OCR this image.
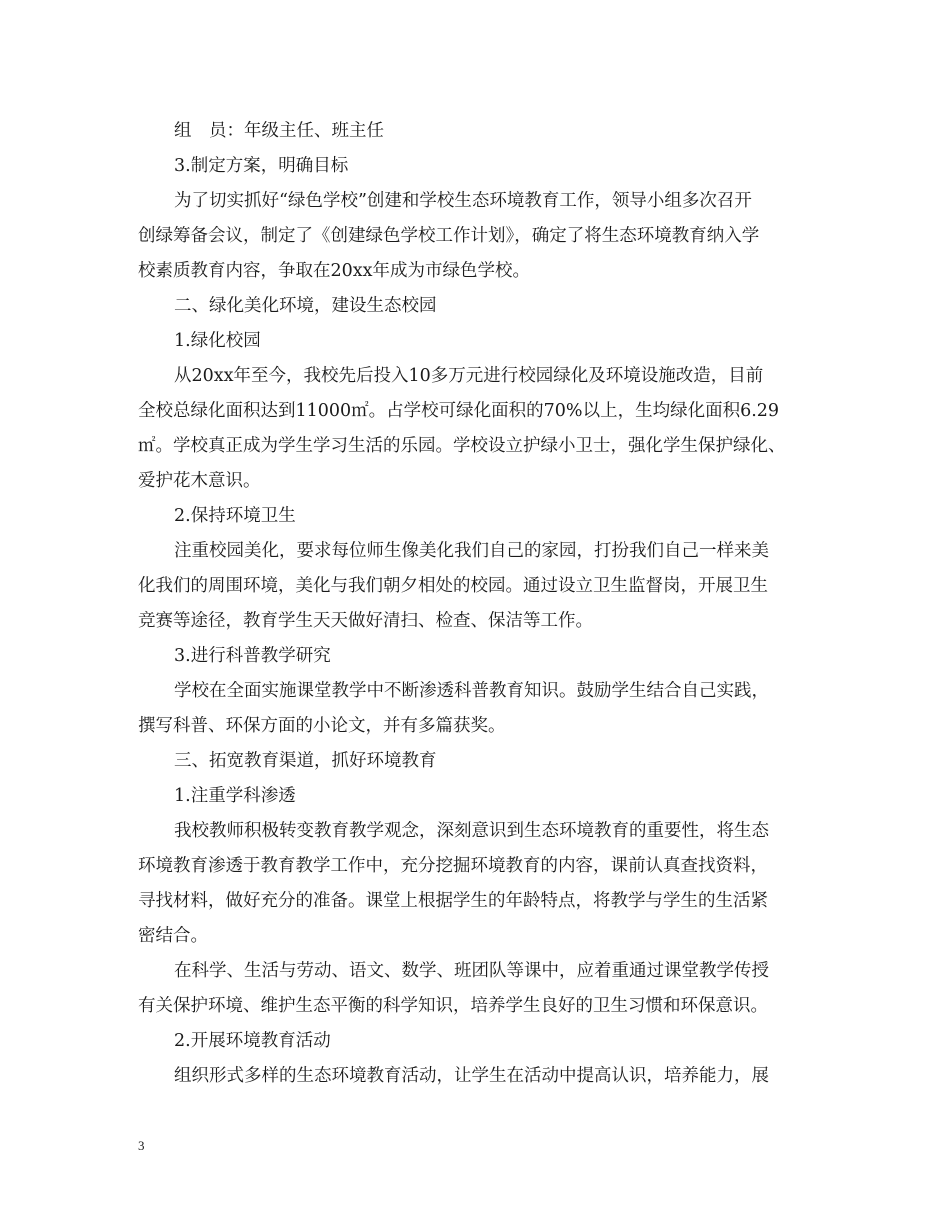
组　员：年级主任、班主任
3.制定方案，明确目标
为了切实抓好“绿色学校”创建和学校生态环境教育工作，领导小组多次召开
创绿筹备会议，制定了《创建绿色学校工作计划》，确定了将生态环境教育纳入学
校素质教育内容，争取在20xx年成为市绿色学校。
二、绿化美化环境，建设生态校园
1.绿化校园
从20xx年至今，我校先后投入10多万元进行校园绿化及环境设施改造，目前
全校总绿化面积达到11000㎡。占学校可绿化面积的70%以上，生均绿化面积6.29
㎡。学校真正成为学生学习生活的乐园。学校设立护绿小卫士，强化学生保护绿化、
爱护花木意识。
2.保持环境卫生
注重校园美化，要求每位师生像美化我们自己的家园，打扮我们自己一样来美
化我们的周围环境，美化与我们朝夕相处的校园。通过设立卫生监督岗，开展卫生
竞赛等途径，教育学生天天做好清扫、检查、保洁等工作。
3.进行科普教学研究
学校在全面实施课堂教学中不断渗透科普教育知识。鼓励学生结合自己实践，
撰写科普、环保方面的小论文，并有多篇获奖。
三、拓宽教育渠道，抓好环境教育
1.注重学科渗透
我校教师积极转变教育教学观念，深刻意识到生态环境教育的重要性，将生态
环境教育渗透于教育教学工作中，充分挖掘环境教育的内容，课前认真查找资料，
寻找材料，做好充分的准备。课堂上根据学生的年龄特点，将教学与学生的生活紧
密结合。
在科学、生活与劳动、语文、数学、班团队等课中，应着重通过课堂教学传授
有关保护环境、维护生态平衡的科学知识，培养学生良好的卫生习惯和环保意识。
2.开展环境教育活动
组织形式多样的生态环境教育活动，让学生在活动中提高认识，培养能力，展
3
